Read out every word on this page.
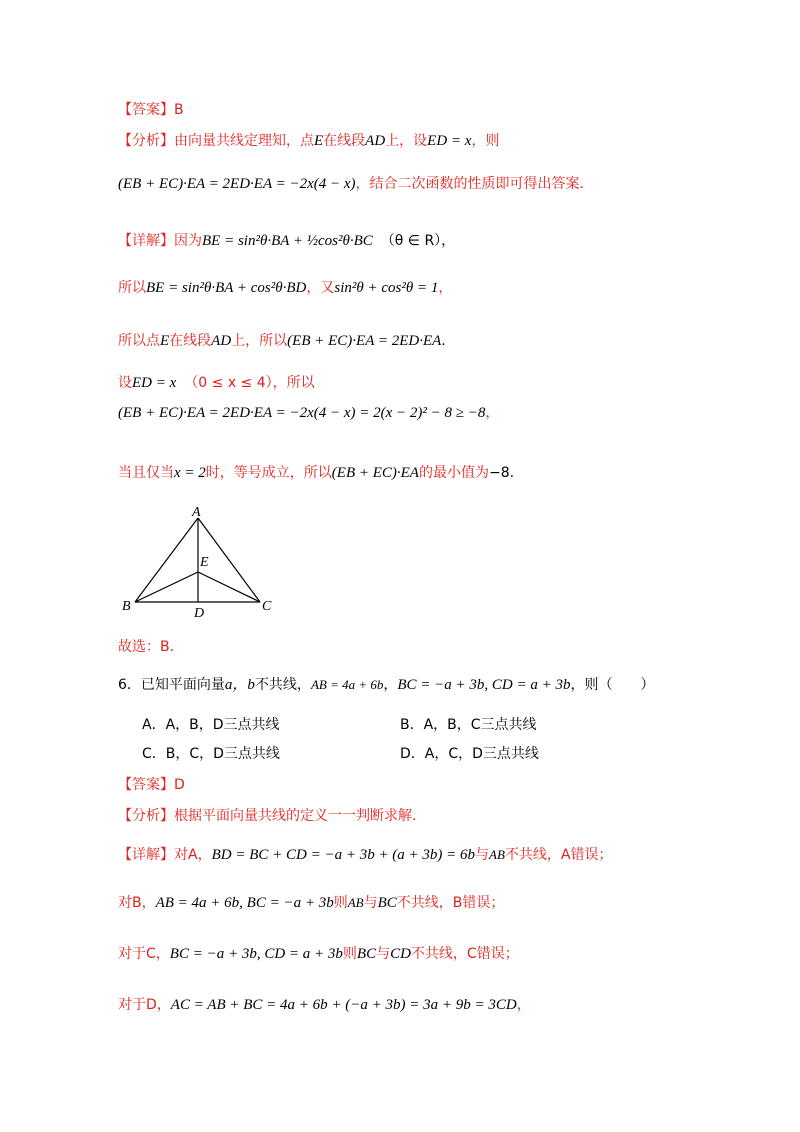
【答案】B
【分析】由向量共线定理知，点E在线段AD上，设ED = x，则
(EB + EC)·EA = 2ED·EA = −2x(4 − x)，结合二次函数的性质即可得出答案.
【详解】因为BE = sin²θ·BA + ½cos²θ·BC （θ ∈ R），
所以BE = sin²θ·BA + cos²θ·BD，又sin²θ + cos²θ = 1，
所以点E在线段AD上，所以(EB + EC)·EA = 2ED·EA.
设ED = x （0 ≤ x ≤ 4），所以
(EB + EC)·EA = 2ED·EA = −2x(4 − x) = 2(x − 2)² − 8 ≥ −8，
当且仅当x = 2时，等号成立，所以(EB + EC)·EA的最小值为−8.
A
B	C
D
E
故选：B.
6．已知平面向量a，b不共线，AB = 4a + 6b，BC = −a + 3b, CD = a + 3b，则（　　）
A．A，B，D三点共线	B．A，B，C三点共线
C．B，C，D三点共线	D．A，C，D三点共线
【答案】D
【分析】根据平面向量共线的定义一一判断求解.
【详解】对A，BD = BC + CD = −a + 3b + (a + 3b) = 6b与AB不共线，A错误；
对B，AB = 4a + 6b, BC = −a + 3b则AB与BC不共线，B错误；
对于C，BC = −a + 3b, CD = a + 3b则BC与CD不共线，C错误；
对于D，AC = AB + BC = 4a + 6b + (−a + 3b) = 3a + 9b = 3CD，
